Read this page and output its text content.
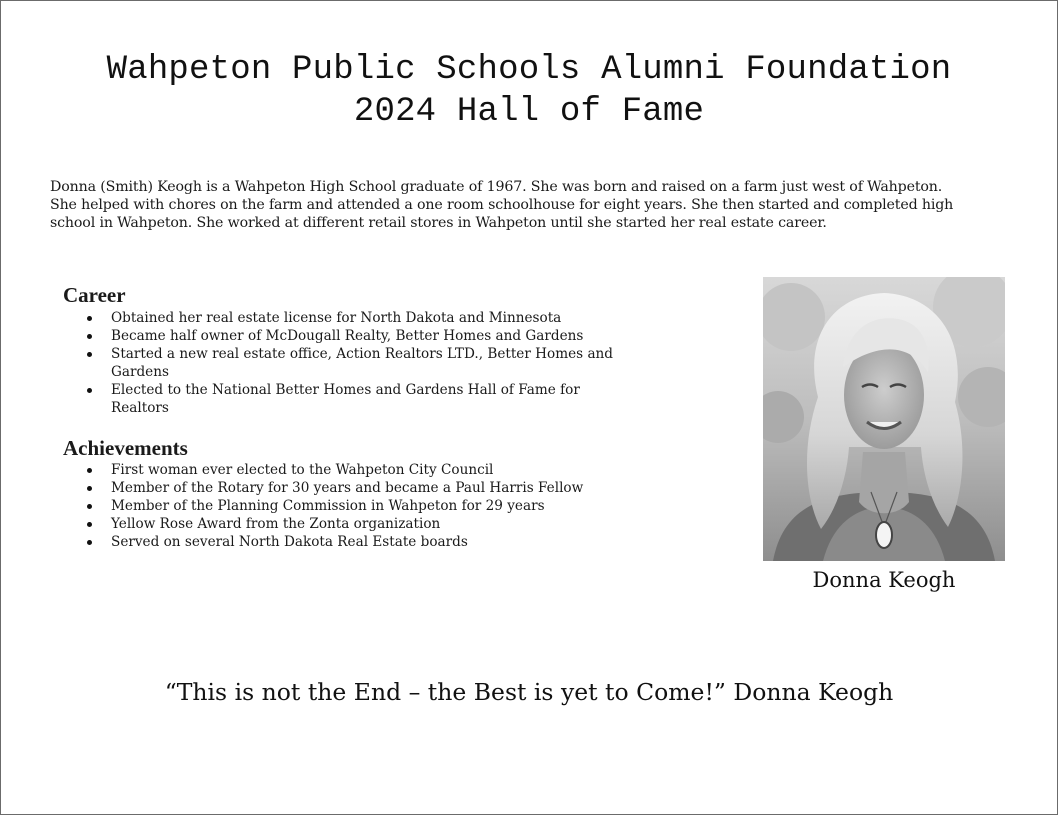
Wahpeton Public Schools Alumni Foundation
2024 Hall of Fame

Donna (Smith) Keogh is a Wahpeton High School graduate of 1967. She was born and raised on a farm just west of Wahpeton.
She helped with chores on the farm and attended a one room schoolhouse for eight years. She then started and completed high
school in Wahpeton. She worked at different retail stores in Wahpeton until she started her real estate career.

Career
Obtained her real estate license for North Dakota and Minnesota
Became half owner of McDougall Realty, Better Homes and Gardens
Started a new real estate office, Action Realtors LTD., Better Homes and Gardens
Elected to the National Better Homes and Gardens Hall of Fame for Realtors
Achievements
First woman ever elected to the Wahpeton City Council
Member of the Rotary for 30 years and became a Paul Harris Fellow
Member of the Planning Commission in Wahpeton for 29 years
Yellow Rose Award from the Zonta organization
Served on several North Dakota Real Estate boards
Donna Keogh
“This is not the End – the Best is yet to Come!” Donna Keogh
